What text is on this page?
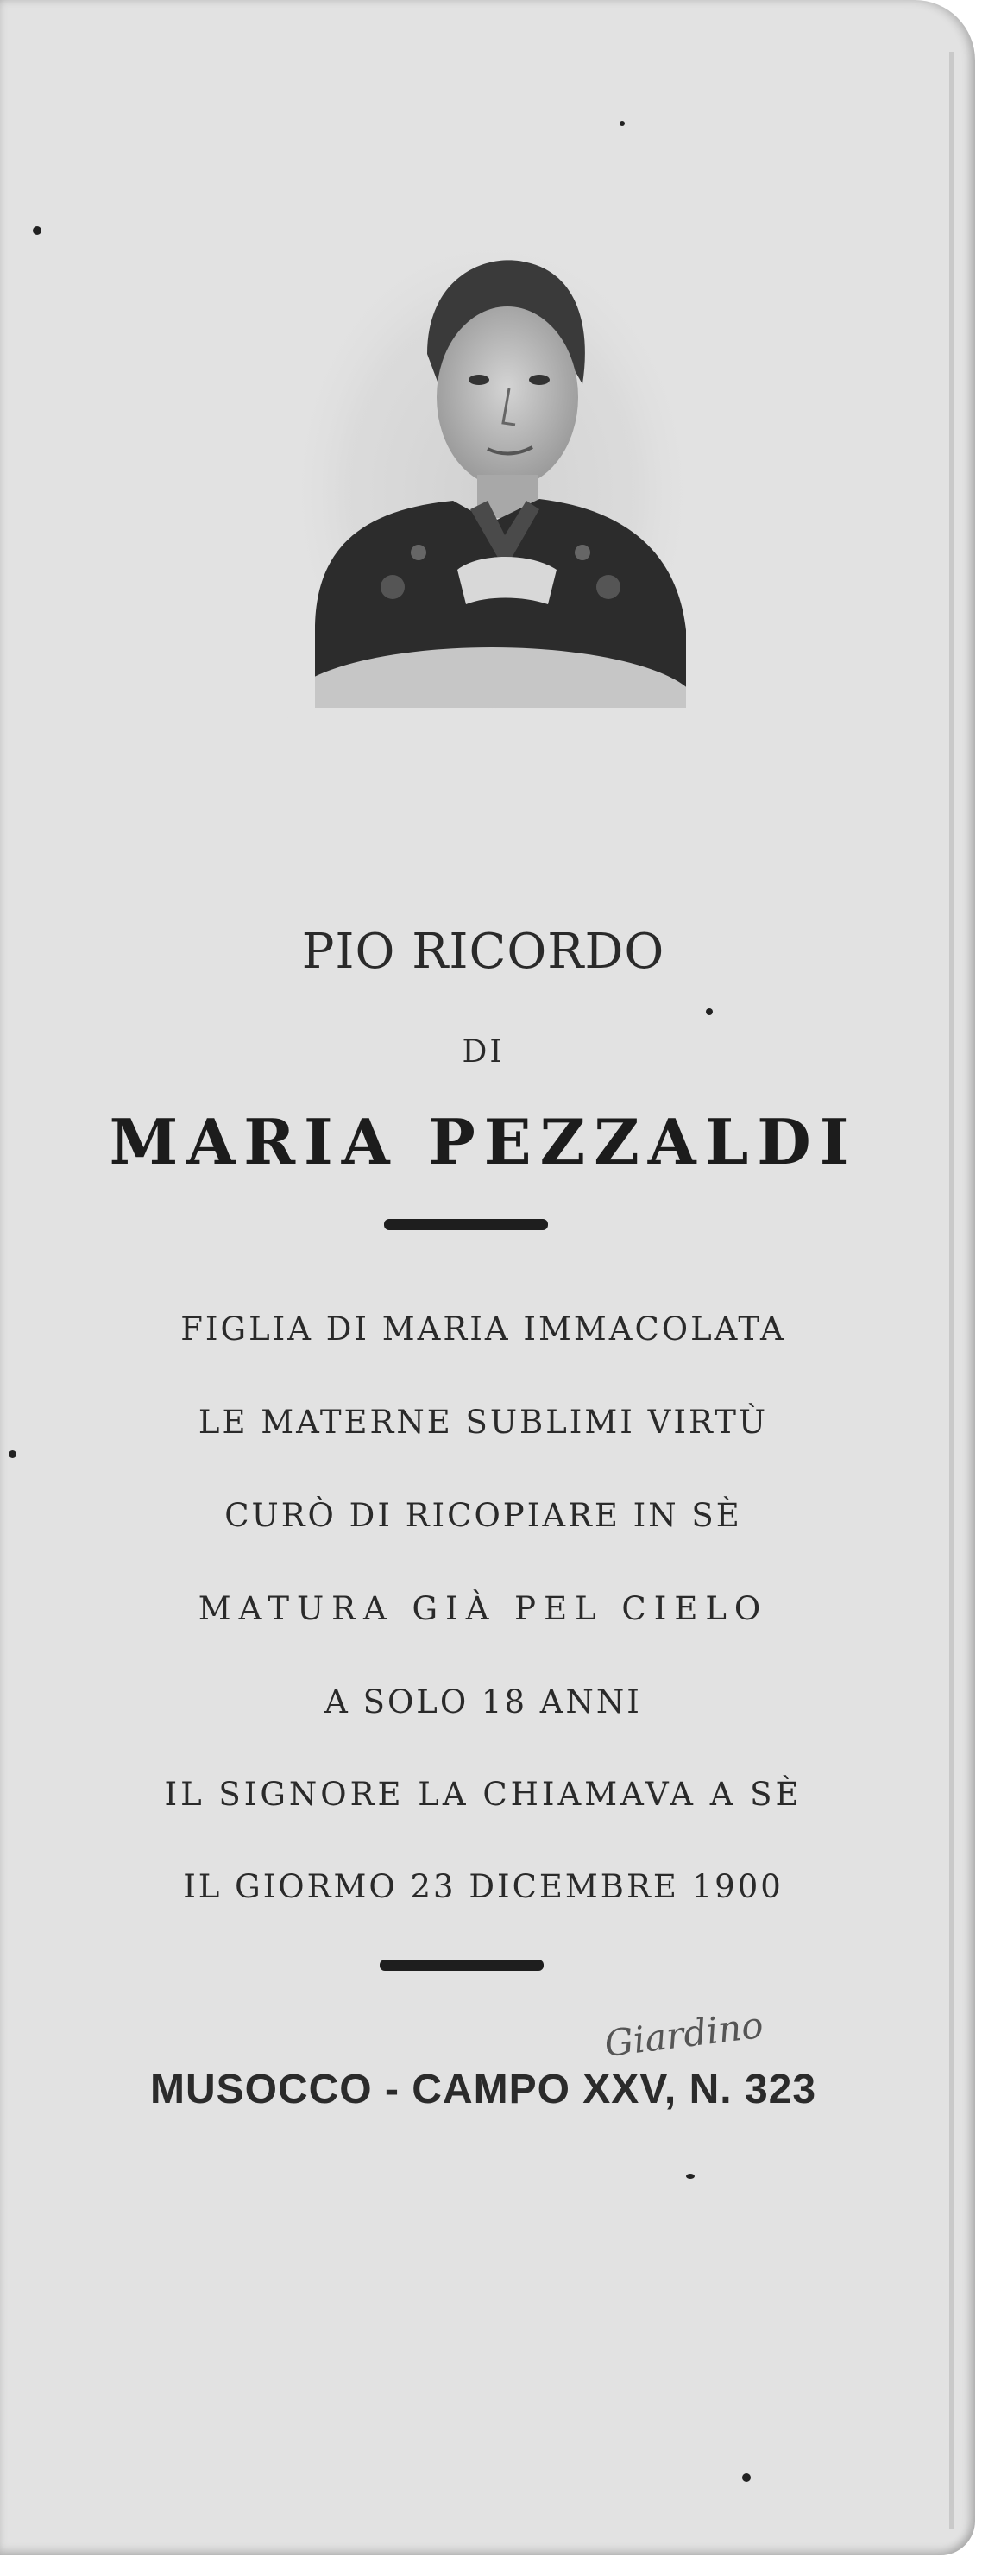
PIO RICORDO
DI
MARIA PEZZALDI
FIGLIA DI MARIA IMMACOLATA
LE MATERNE SUBLIMI VIRTÙ
CURÒ DI RICOPIARE IN SÈ
MATURA GIÀ PEL CIELO
A SOLO 18 ANNI
IL SIGNORE LA CHIAMAVA A SÈ
IL GIORMO 23 DICEMBRE 1900
Giardino
MUSOCCO - CAMPO XXV, N. 323
